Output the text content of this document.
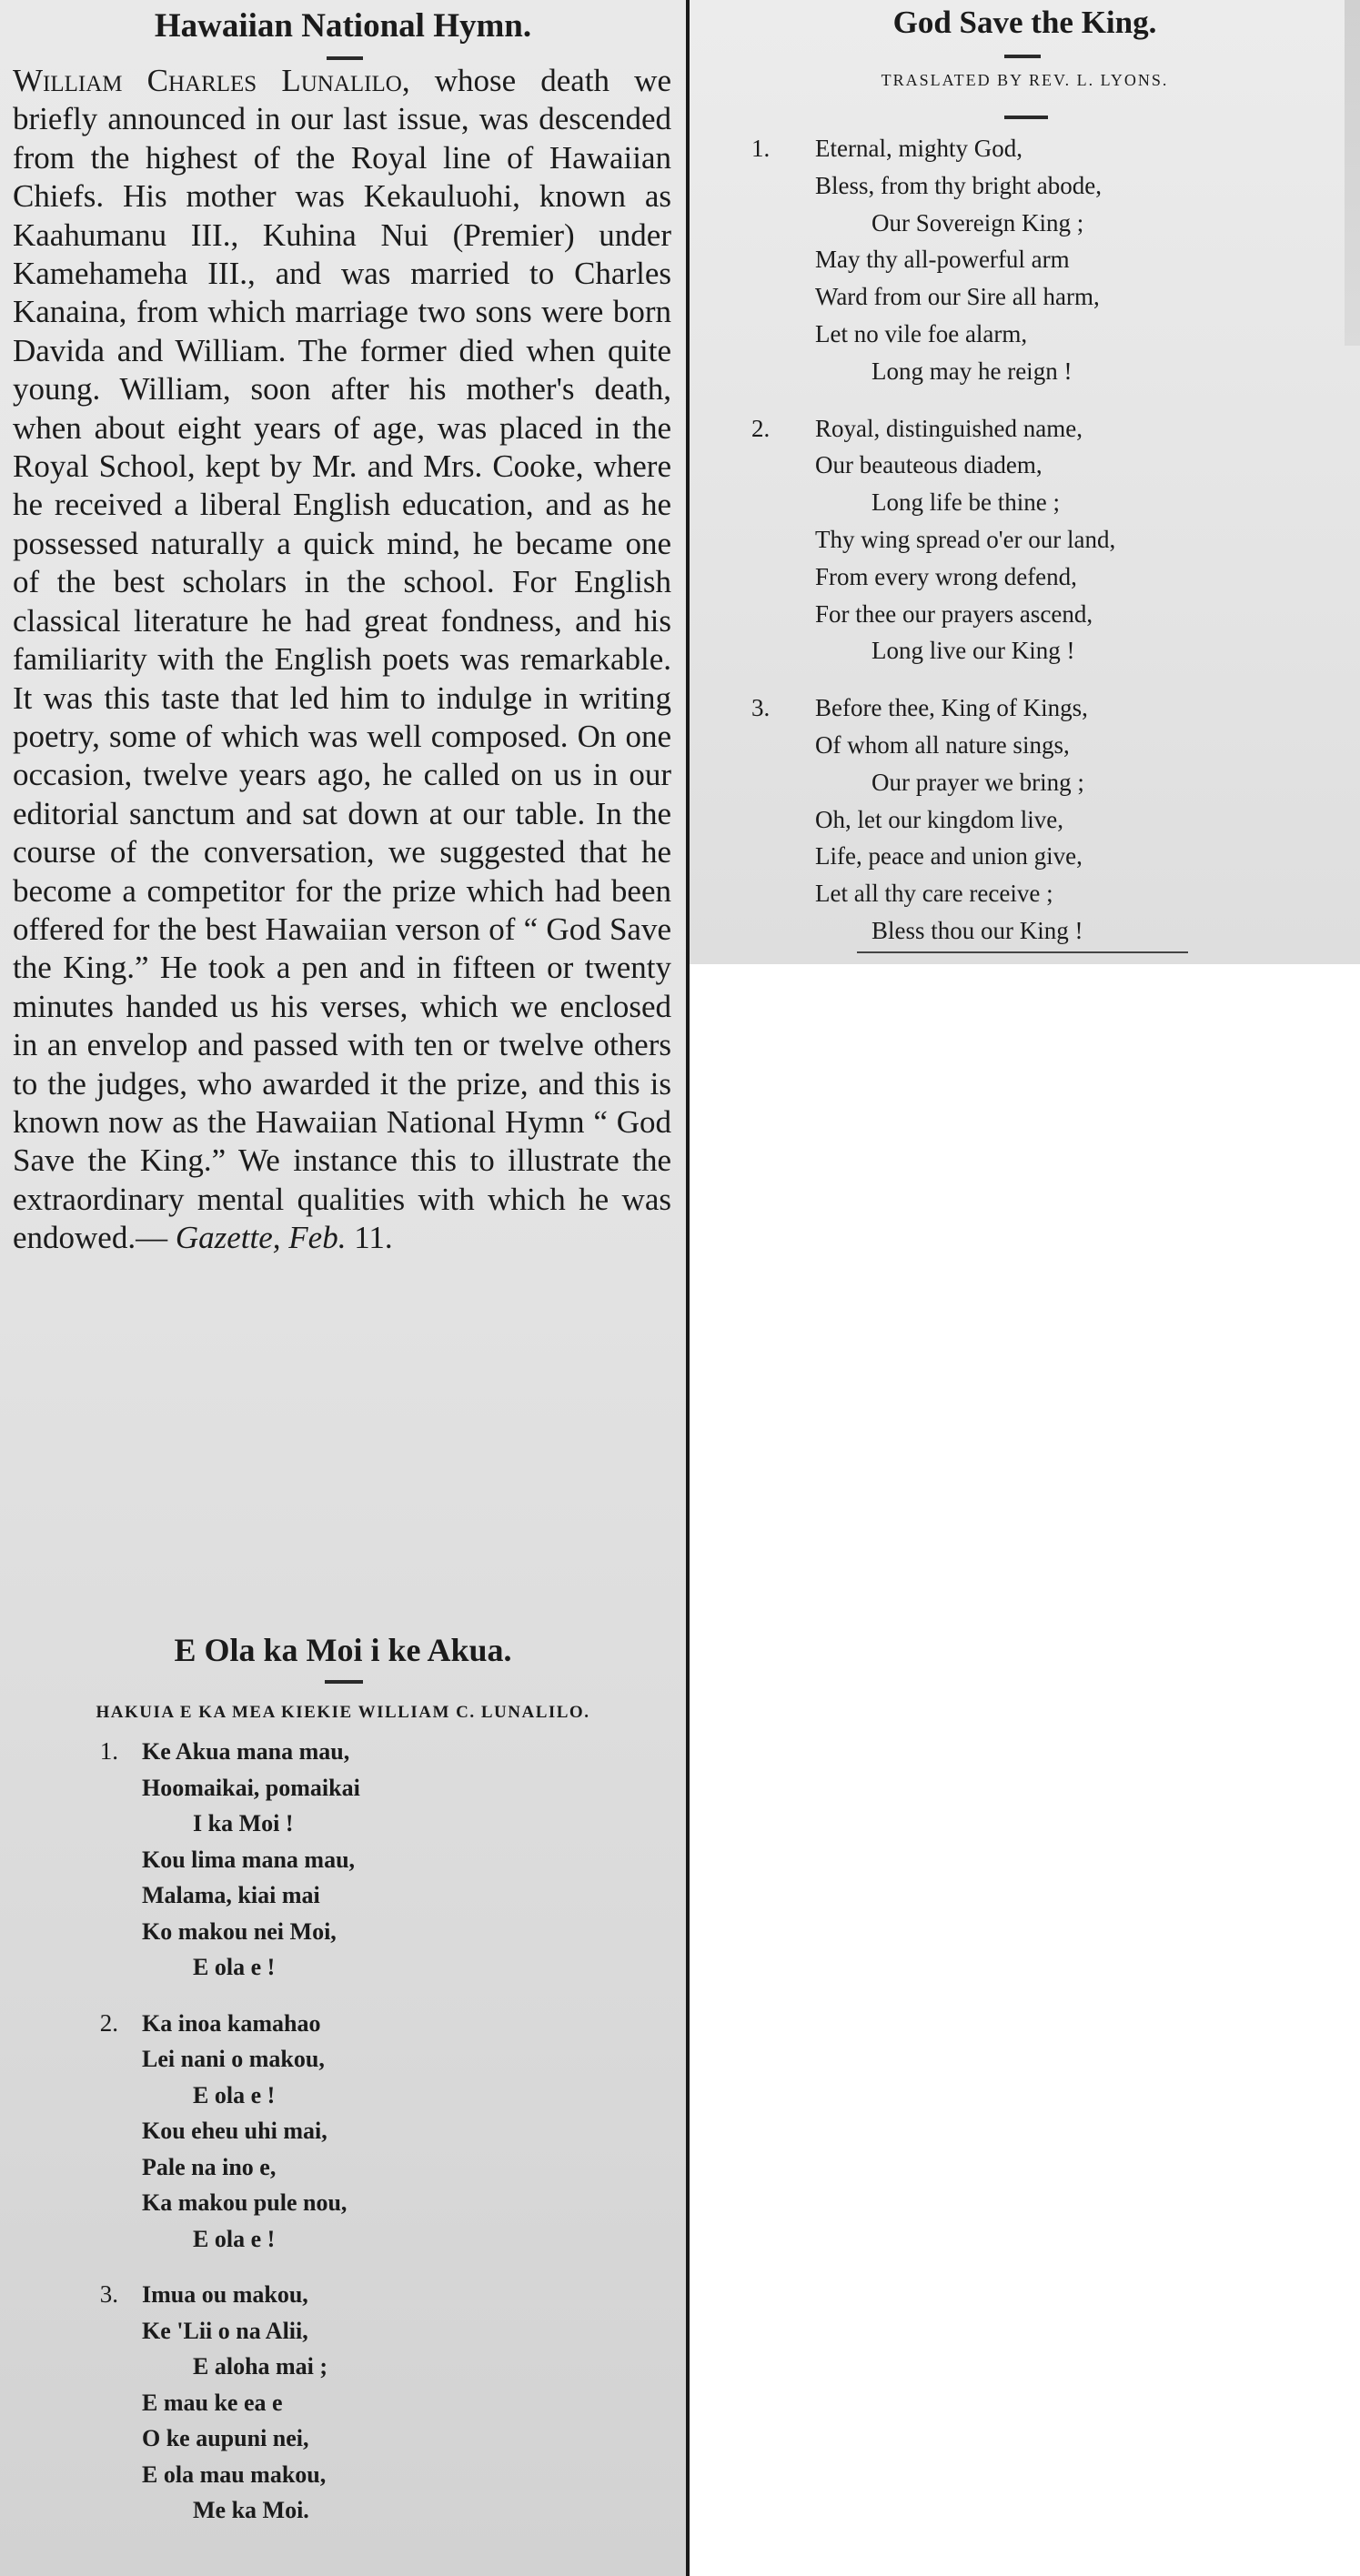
Hawaiian National Hymn.

William Charles Lunalilo, whose death we briefly announced in our last issue, was descended from the highest of the Royal line of Hawaiian Chiefs. His mother was Kekauluohi, known as Kaahumanu III., Kuhina Nui (Premier) under Kamehameha III., and was married to Charles Kanaina, from which marriage two sons were born Davida and William. The former died when quite young. William, soon after his mother's death, when about eight years of age, was placed in the Royal School, kept by Mr. and Mrs. Cooke, where he received a liberal English education, and as he possessed naturally a quick mind, he became one of the best scholars in the school. For English classical literature he had great fondness, and his familiarity with the English poets was remarkable. It was this taste that led him to indulge in writing poetry, some of which was well composed. On one occasion, twelve years ago, he called on us in our editorial sanctum and sat down at our table. In the course of the conversation, we suggested that he become a competitor for the prize which had been offered for the best Hawaiian verson of “ God Save the King.” He took a pen and in fifteen or twenty minutes handed us his verses, which we enclosed in an envelop and passed with ten or twelve others to the judges, who awarded it the prize, and this is known now as the Hawaiian National Hymn “ God Save the King.” We instance this to illustrate the extraordinary mental qualities with which he was endowed.— Gazette, Feb. 11.

E Ola ka Moi i ke Akua.

HAKUIA E KA MEA KIEKIE WILLIAM C. LUNALILO.

1. Ke Akua mana mau,
Hoomaikai, pomaikai
I ka Moi !
Kou lima mana mau,
Malama, kiai mai
Ko makou nei Moi,
E ola e !
2. Ka inoa kamahao
Lei nani o makou,
E ola e !
Kou eheu uhi mai,
Pale na ino e,
Ka makou pule nou,
E ola e !
3. Imua ou makou,
Ke 'Lii o na Alii,
E aloha mai ;
E mau ke ea e
O ke aupuni nei,
E ola mau makou,
Me ka Moi.
God Save the King.

TRASLATED BY REV. L. LYONS.

1.	Eternal, mighty God,
Bless, from thy bright abode,
Our Sovereign King ;
May thy all-powerful arm
Ward from our Sire all harm,
Let no vile foe alarm,
Long may he reign !
2.	Royal, distinguished name,
Our beauteous diadem,
Long life be thine ;
Thy wing spread o'er our land,
From every wrong defend,
For thee our prayers ascend,
Long live our King !
3.	Before thee, King of Kings,
Of whom all nature sings,
Our prayer we bring ;
Oh, let our kingdom live,
Life, peace and union give,
Let all thy care receive ;
Bless thou our King !
